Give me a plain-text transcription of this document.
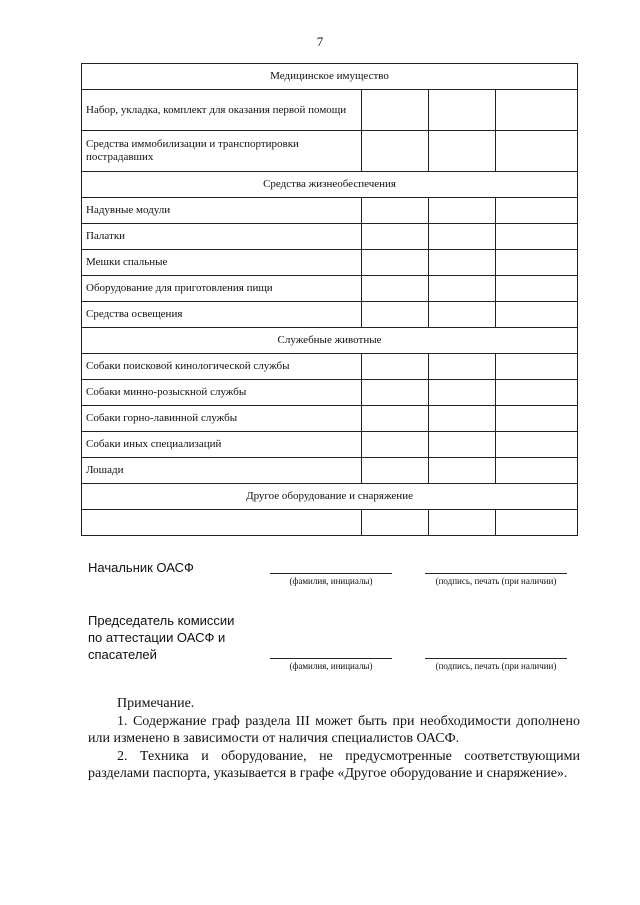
7
Медицинское имущество			
Набор, укладка, комплект для оказания первой помощи			
Средства иммобилизации и транспортировки пострадавших			
Средства жизнеобеспечения			
Надувные модули			
Палатки			
Мешки спальные			
Оборудование для приготовления пищи			
Средства освещения			
Служебные животные			
Собаки поисковой кинологической службы			
Собаки минно-розыскной службы			
Собаки горно-лавинной службы			
Собаки иных специализаций			
Лошади			
Другое оборудование и снаряжение			

Начальник ОАСФ
(фамилия, инициалы)	(подпись, печать (при наличии)
Председатель комиссии
по аттестации ОАСФ и
спасателей
(фамилия, инициалы)	(подпись, печать (при наличии)
Примечание.
1. Содержание граф раздела III может быть при необходимости дополнено или изменено в зависимости от наличия специалистов ОАСФ.
2. Техника и оборудование, не предусмотренные соответствующими разделами паспорта, указывается в графе «Другое оборудование и снаряжение».
